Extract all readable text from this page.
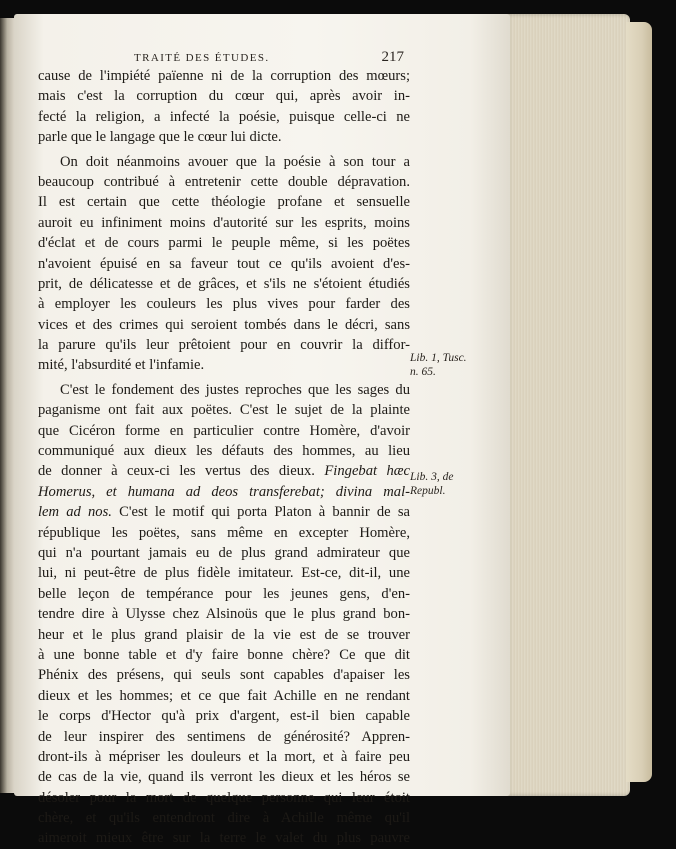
TRAITÉ DES ÉTUDES.	217
cause de l'impiété païenne ni de la corruption des mœurs;
mais c'est la corruption du cœur qui, après avoir in-
fecté la religion, a infecté la poésie, puisque celle-ci ne
parle que le langage que le cœur lui dicte.
On doit néanmoins avouer que la poésie à son tour a
beaucoup contribué à entretenir cette double dépravation.
Il est certain que cette théologie profane et sensuelle
auroit eu infiniment moins d'autorité sur les esprits, moins
d'éclat et de cours parmi le peuple même, si les poëtes
n'avoient épuisé en sa faveur tout ce qu'ils avoient d'es-
prit, de délicatesse et de grâces, et s'ils ne s'étoient étudiés
à employer les couleurs les plus vives pour farder des
vices et des crimes qui seroient tombés dans le décri, sans
la parure qu'ils leur prêtoient pour en couvrir la diffor-
mité, l'absurdité et l'infamie.
C'est le fondement des justes reproches que les sages du
paganisme ont fait aux poëtes. C'est le sujet de la plainte
que Cicéron forme en particulier contre Homère, d'avoir
communiqué aux dieux les défauts des hommes, au lieu
de donner à ceux-ci les vertus des dieux. Fingebat hæc
Homerus, et humana ad deos transferebat; divina mal-
lem ad nos. C'est le motif qui porta Platon à bannir de sa
république les poëtes, sans même en excepter Homère,
qui n'a pourtant jamais eu de plus grand admirateur que
lui, ni peut-être de plus fidèle imitateur. Est-ce, dit-il, une
belle leçon de tempérance pour les jeunes gens, d'en-
tendre dire à Ulysse chez Alsinoüs que le plus grand bon-
heur et le plus grand plaisir de la vie est de se trouver
à une bonne table et d'y faire bonne chère? Ce que dit
Phénix des présens, qui seuls sont capables d'apaiser les
dieux et les hommes; et ce que fait Achille en ne rendant
le corps d'Hector qu'à prix d'argent, est-il bien capable
de leur inspirer des sentimens de générosité? Appren-
dront-ils à mépriser les douleurs et la mort, et à faire peu
de cas de la vie, quand ils verront les dieux et les héros se
désoler pour la mort de quelque personne qui leur étoit
chère, et qu'ils entendront dire à Achille même qu'il
aimeroit mieux être sur la terre le valet du plus pauvre
Lib. 1, Tusc.
n. 65.
Lib. 3, de
Republ.
